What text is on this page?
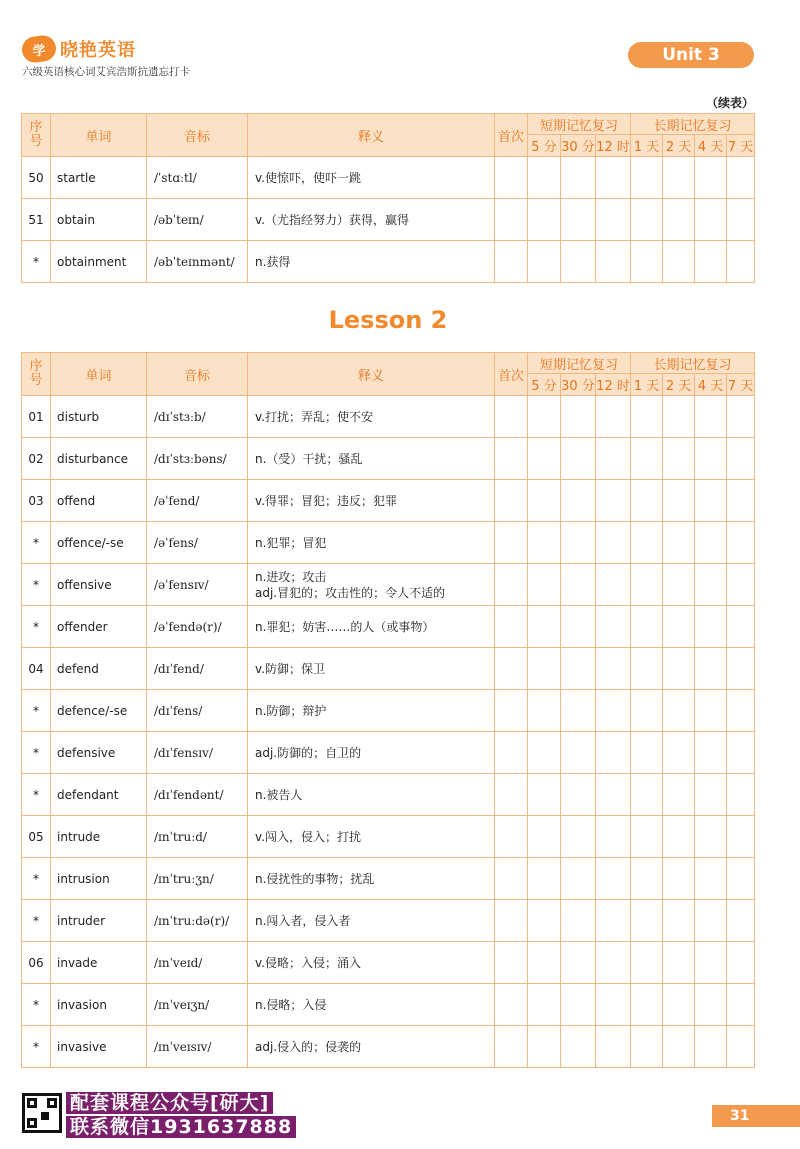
学 晓艳英语
六级英语核心词艾宾浩斯抗遗忘打卡
Unit 3
（续表）
序号	单词	音标	释义	首次	短期记忆复习			长期记忆复习			
					5 分	30 分	12 时	1 天	2 天	4 天	7 天
50	startle	/ˈstɑːtl/	v.使惊吓，使吓一跳								
51	obtain	/əbˈteɪn/	v.（尤指经努力）获得，赢得								
*	obtainment	/əbˈteɪnmənt/	n.获得								
Lesson 2
序号	单词	音标	释义	首次	短期记忆复习			长期记忆复习			
					5 分	30 分	12 时	1 天	2 天	4 天	7 天
01	disturb	/dɪˈstɜːb/	v.打扰；弄乱；使不安								
02	disturbance	/dɪˈstɜːbəns/	n.（受）干扰；骚乱								
03	offend	/əˈfend/	v.得罪；冒犯；违反；犯罪								
*	offence/-se	/əˈfens/	n.犯罪；冒犯								
*	offensive	/əˈfensɪv/	n.进攻；攻击
adj.冒犯的；攻击性的；令人不适的								

*	offender	/əˈfendə(r)/	n.罪犯；妨害……的人（或事物）								
04	defend	/dɪˈfend/	v.防御；保卫								
*	defence/-se	/dɪˈfens/	n.防御；辩护								
*	defensive	/dɪˈfensɪv/	adj.防御的；自卫的								
*	defendant	/dɪˈfendənt/	n.被告人								
05	intrude	/ɪnˈtruːd/	v.闯入，侵入；打扰								
*	intrusion	/ɪnˈtruːʒn/	n.侵扰性的事物；扰乱								
*	intruder	/ɪnˈtruːdə(r)/	n.闯入者，侵入者								
06	invade	/ɪnˈveɪd/	v.侵略；入侵；涌入								
*	invasion	/ɪnˈveɪʒn/	n.侵略；入侵								
*	invasive	/ɪnˈveɪsɪv/	adj.侵入的；侵袭的								
配套课程公众号[研大]
联系微信1931637888	31
